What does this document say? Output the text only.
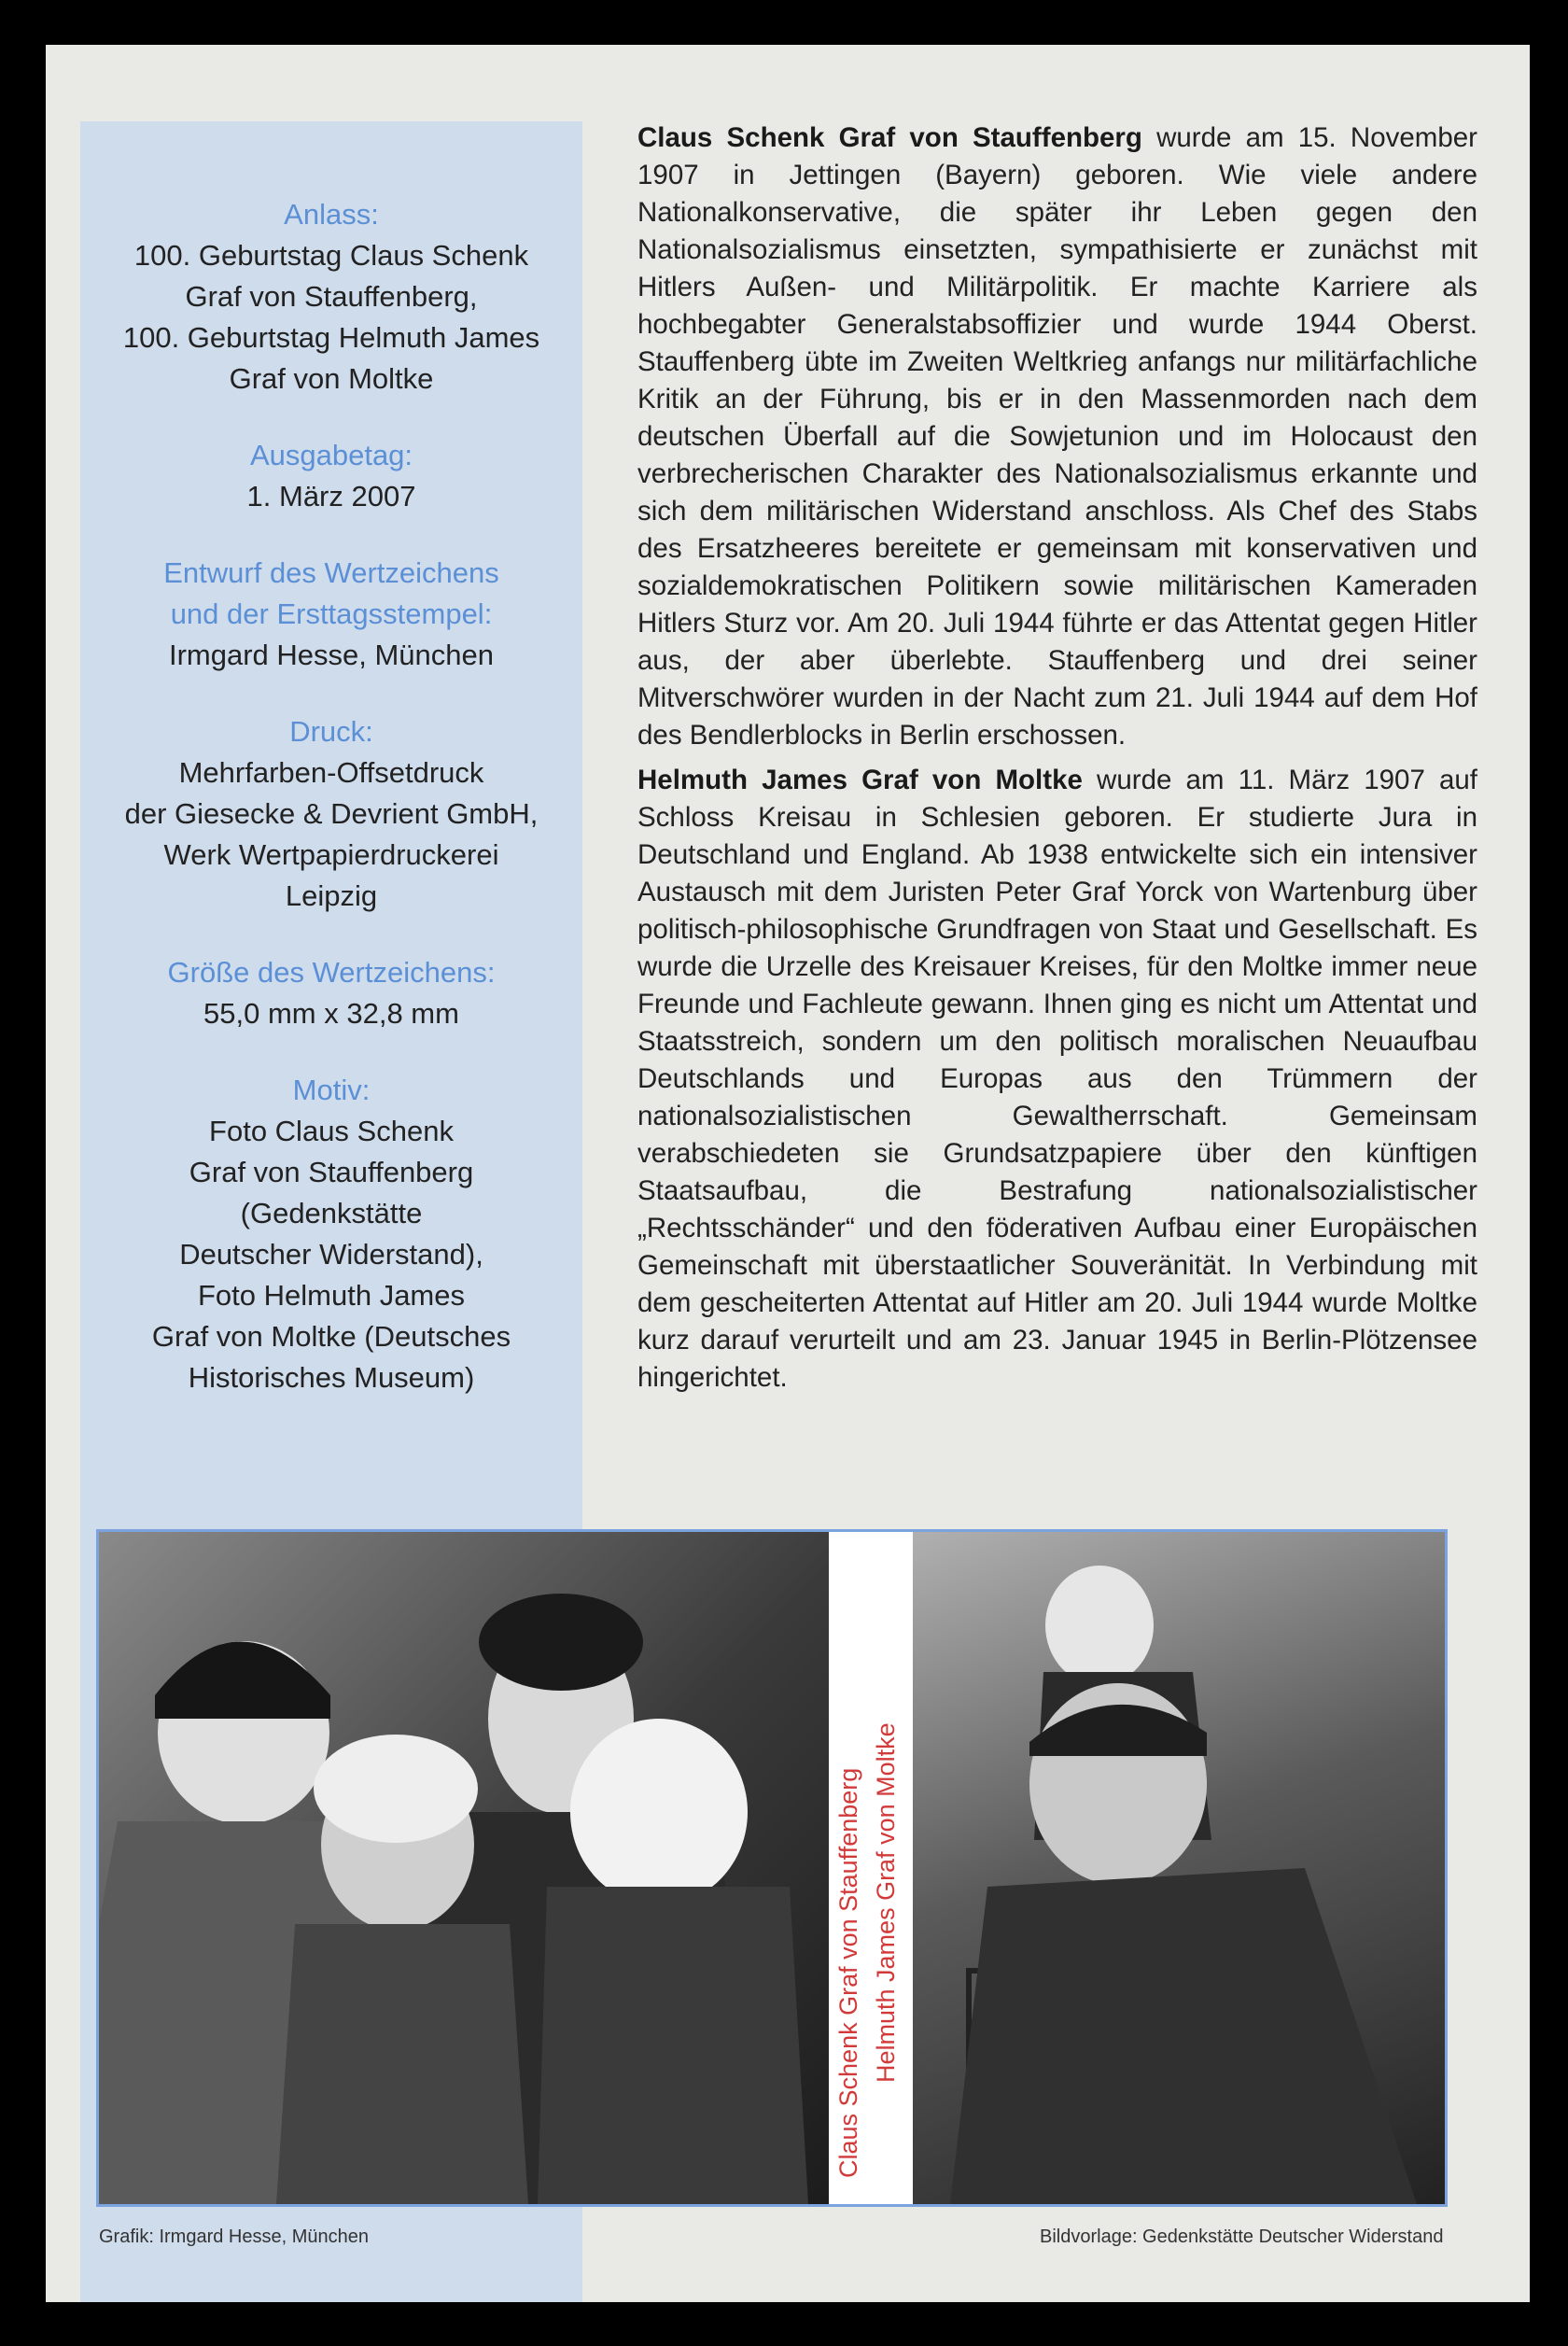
Anlass:
100. Geburtstag Claus Schenk
Graf von Stauffenberg,
100. Geburtstag Helmuth James
Graf von Moltke
Ausgabetag:
1. März 2007
Entwurf des Wertzeichens und der Ersttagsstempel:
Irmgard Hesse, München
Druck:
Mehrfarben-Offsetdruck
der Giesecke & Devrient GmbH,
Werk Wertpapierdruckerei
Leipzig
Größe des Wertzeichens:
55,0 mm x 32,8 mm
Motiv:
Foto Claus Schenk
Graf von Stauffenberg
(Gedenkstätte
Deutscher Widerstand),
Foto Helmuth James
Graf von Moltke (Deutsches
Historisches Museum)

Claus Schenk Graf von Stauffenberg wurde am 15. November 1907 in Jettingen (Bayern) geboren. Wie viele andere Nationalkonservative, die später ihr Leben gegen den Nationalsozialismus einsetzten, sympathisierte er zunächst mit Hitlers Außen- und Militärpolitik. Er machte Karriere als hochbegabter Generalstabsoffizier und wurde 1944 Oberst. Stauffenberg übte im Zweiten Weltkrieg anfangs nur militärfachliche Kritik an der Führung, bis er in den Massenmorden nach dem deutschen Überfall auf die Sowjetunion und im Holocaust den verbrecherischen Charakter des Nationalsozialismus erkannte und sich dem militärischen Widerstand anschloss. Als Chef des Stabs des Ersatzheeres bereitete er gemeinsam mit konservativen und sozialdemokratischen Politikern sowie militärischen Kameraden Hitlers Sturz vor. Am 20. Juli 1944 führte er das Attentat gegen Hitler aus, der aber überlebte. Stauffenberg und drei seiner Mitverschwörer wurden in der Nacht zum 21. Juli 1944 auf dem Hof des Bendlerblocks in Berlin erschossen.

Helmuth James Graf von Moltke wurde am 11. März 1907 auf Schloss Kreisau in Schlesien geboren. Er studierte Jura in Deutschland und England. Ab 1938 entwickelte sich ein intensiver Austausch mit dem Juristen Peter Graf Yorck von Wartenburg über politisch-philosophische Grundfragen von Staat und Gesellschaft. Es wurde die Urzelle des Kreisauer Kreises, für den Moltke immer neue Freunde und Fachleute gewann. Ihnen ging es nicht um Attentat und Staatsstreich, sondern um den politisch moralischen Neuaufbau Deutschlands und Europas aus den Trümmern der nationalsozialistischen Gewaltherrschaft. Gemeinsam verabschiedeten sie Grundsatzpapiere über den künftigen Staatsaufbau, die Bestrafung nationalsozialistischer „Rechtsschänder“ und den föderativen Aufbau einer Europäischen Gemeinschaft mit überstaatlicher Souveränität. In Verbindung mit dem gescheiterten Attentat auf Hitler am 20. Juli 1944 wurde Moltke kurz darauf verurteilt und am 23. Januar 1945 in Berlin-Plötzensee hingerichtet.

Claus Schenk Graf von Stauffenberg Helmuth James Graf von Moltke
Grafik: Irmgard Hesse, München	Bildvorlage: Gedenkstätte Deutscher Widerstand
